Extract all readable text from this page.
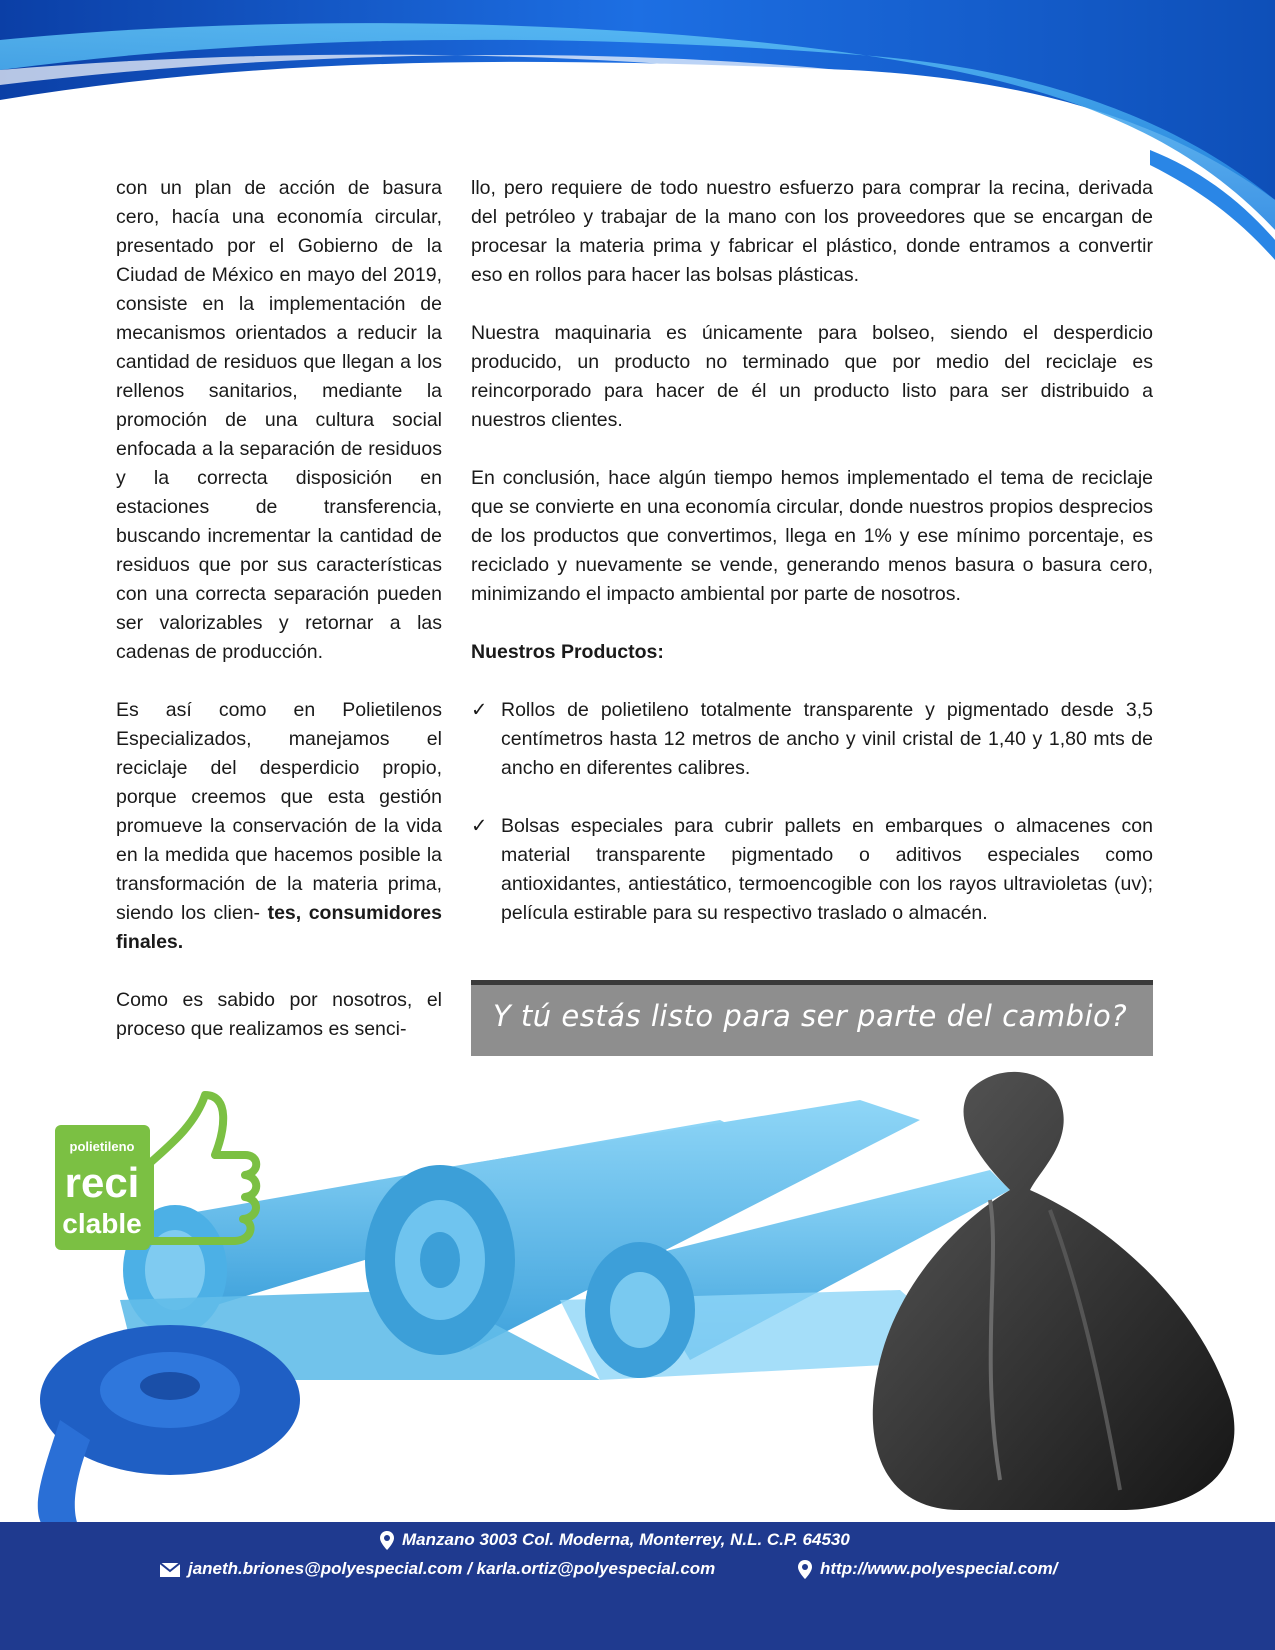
con un plan de acción de basura cero, hacía una economía circular, presentado por el Gobierno de la Ciudad de México en mayo del 2019, consiste en la implementación de mecanismos orientados a reducir la cantidad de residuos que llegan a los rellenos sanitarios, mediante la promoción de una cultura social enfocada a la separación de residuos y la correcta disposición en estaciones de transferencia, buscando incrementar la cantidad de residuos que por sus características con una correcta separación pueden ser valorizables y retornar a las cadenas de producción.

Es así como en Polietilenos Especializados, manejamos el reciclaje del desperdicio propio, porque creemos que esta gestión promueve la conservación de la vida en la medida que hacemos posible la transformación de la materia prima, siendo los clien- tes, consumidores finales.

Como es sabido por nosotros, el proceso que realizamos es senci-

llo, pero requiere de todo nuestro esfuerzo para comprar la recina, derivada del petróleo y trabajar de la mano con los proveedores que se encargan de procesar la materia prima y fabricar el plástico, donde entramos a convertir eso en rollos para hacer las bolsas plásticas.

Nuestra maquinaria es únicamente para bolseo, siendo el desperdicio producido, un producto no terminado que por medio del reciclaje es reincorporado para hacer de él un producto listo para ser distribuido a nuestros clientes.

En conclusión, hace algún tiempo hemos implementado el tema de reciclaje que se convierte en una economía circular, donde nuestros propios desprecios de los productos que convertimos, llega en 1% y ese mínimo porcentaje, es reciclado y nuevamente se vende, generando menos basura o basura cero, minimizando el impacto ambiental por parte de nosotros.

Nuestros Productos:

✓ Rollos de polietileno totalmente transparente y pigmentado desde 3,5 centímetros hasta 12 metros de ancho y vinil cristal de 1,40 y 1,80 mts de ancho en diferentes calibres.
✓ Bolsas especiales para cubrir pallets en embarques o almacenes con material transparente pigmentado o aditivos especiales como antioxidantes, antiestático, termoencogible con los rayos ultravioletas (uv); película estirable para su respectivo traslado o almacén.
Y tú estás listo para ser parte del cambio?
polietileno
reci
clable
Manzano 3003 Col. Moderna, Monterrey, N.L. C.P. 64530
janeth.briones@polyespecial.com / karla.ortiz@polyespecial.com	http://www.polyespecial.com/
